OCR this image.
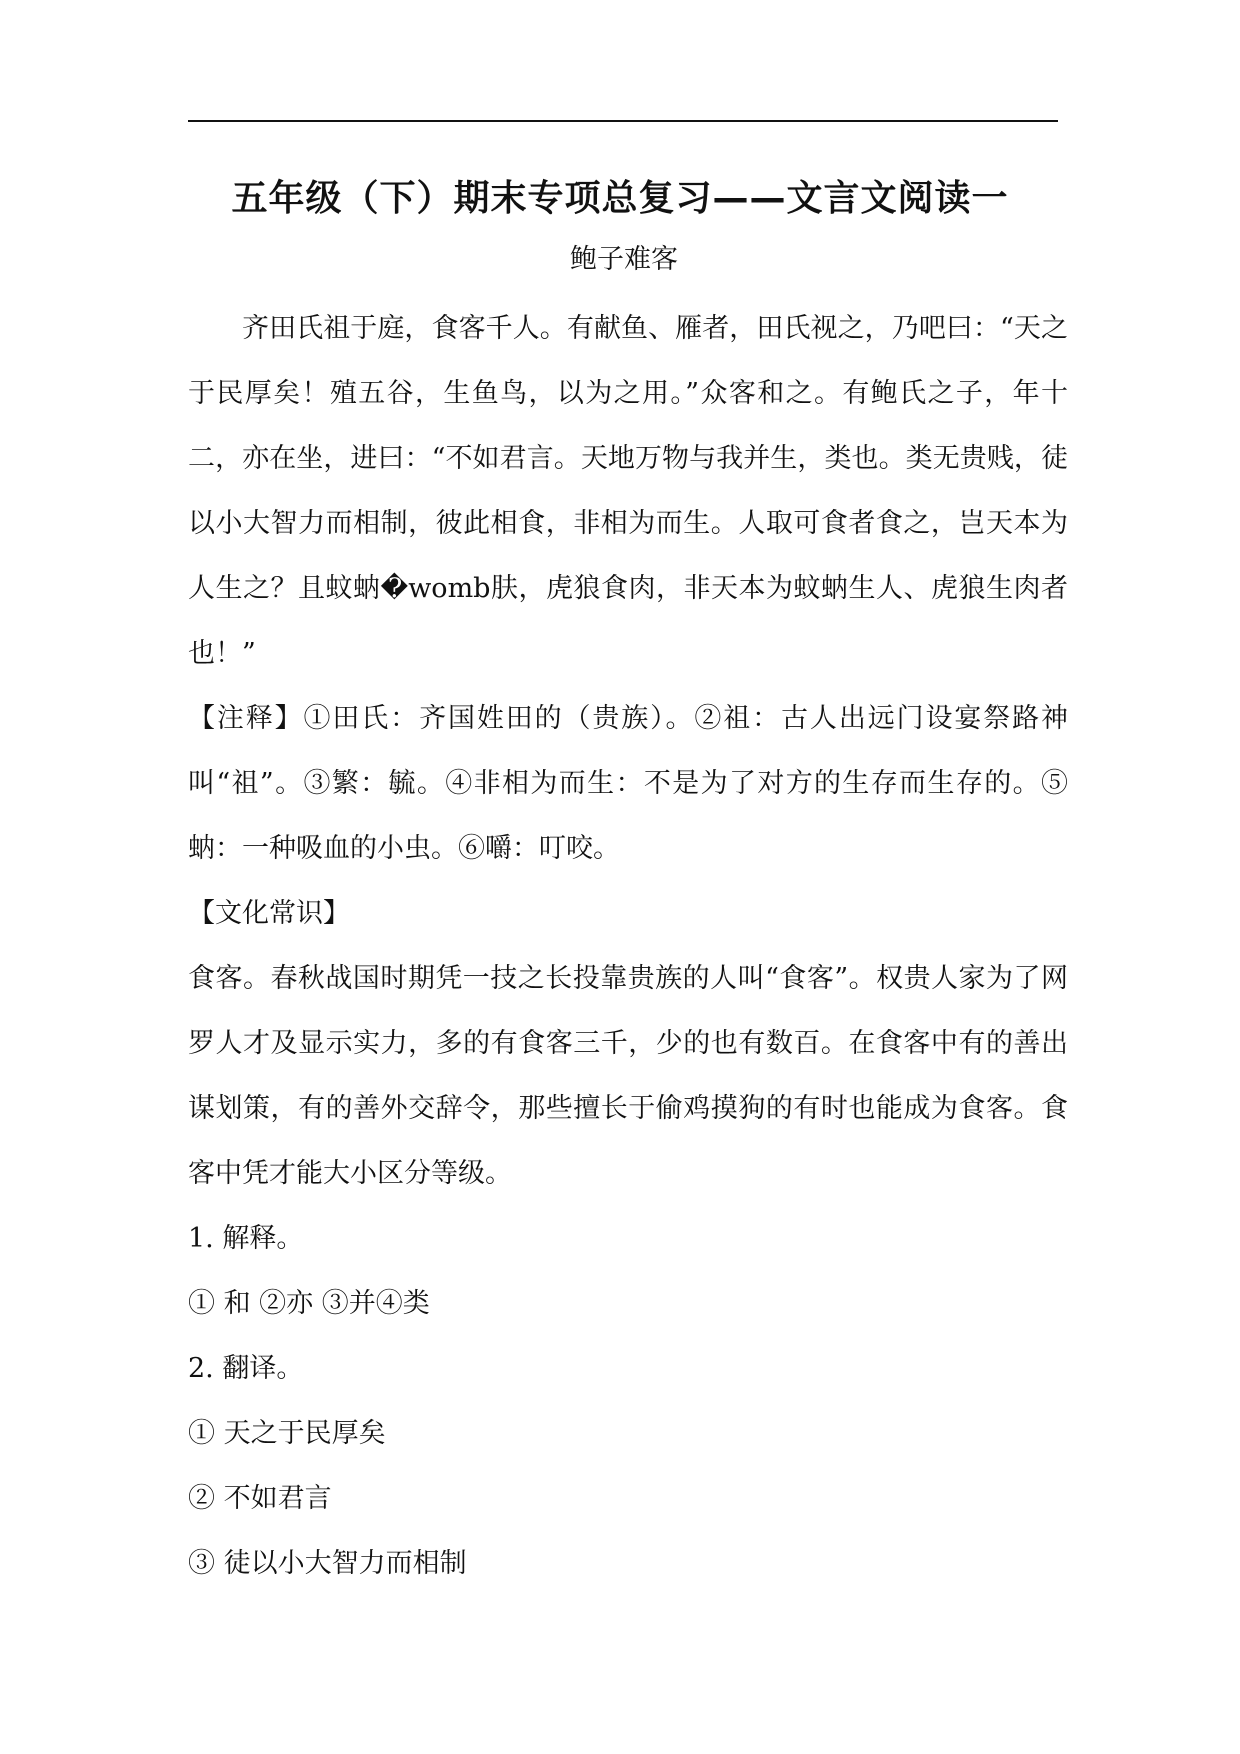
五年级（下）期末专项总复习——文言文阅读一
鲍子难客

齐田氏祖于庭，食客千人。有献鱼、雁者，田氏视之，乃吧曰：“天之于民厚矣！殖五谷，生鱼鸟，以为之用。”众客和之。有鲍氏之子，年十二，亦在坐，进曰：“不如君言。天地万物与我并生，类也。类无贵贱，徒以小大智力而相制，彼此相食，非相为而生。人取可食者食之，岂天本为人生之？且蚊蚋�womb肤，虎狼食肉，非天本为蚊蚋生人、虎狼生肉者也！”

【注释】①田氏：齐国姓田的（贵族）。②祖：古人出远门设宴祭路神叫“祖”。③繁：毓。④非相为而生：不是为了对方的生存而生存的。⑤蚋：一种吸血的小虫。⑥嚼：叮咬。

【文化常识】

食客。春秋战国时期凭一技之长投靠贵族的人叫“食客”。权贵人家为了网罗人才及显示实力，多的有食客三千，少的也有数百。在食客中有的善出谋划策，有的善外交辞令，那些擅长于偷鸡摸狗的有时也能成为食客。食客中凭才能大小区分等级。

1. 解释。

① 和 ②亦 ③并④类

2. 翻译。

① 天之于民厚矣

② 不如君言

③ 徒以小大智力而相制
